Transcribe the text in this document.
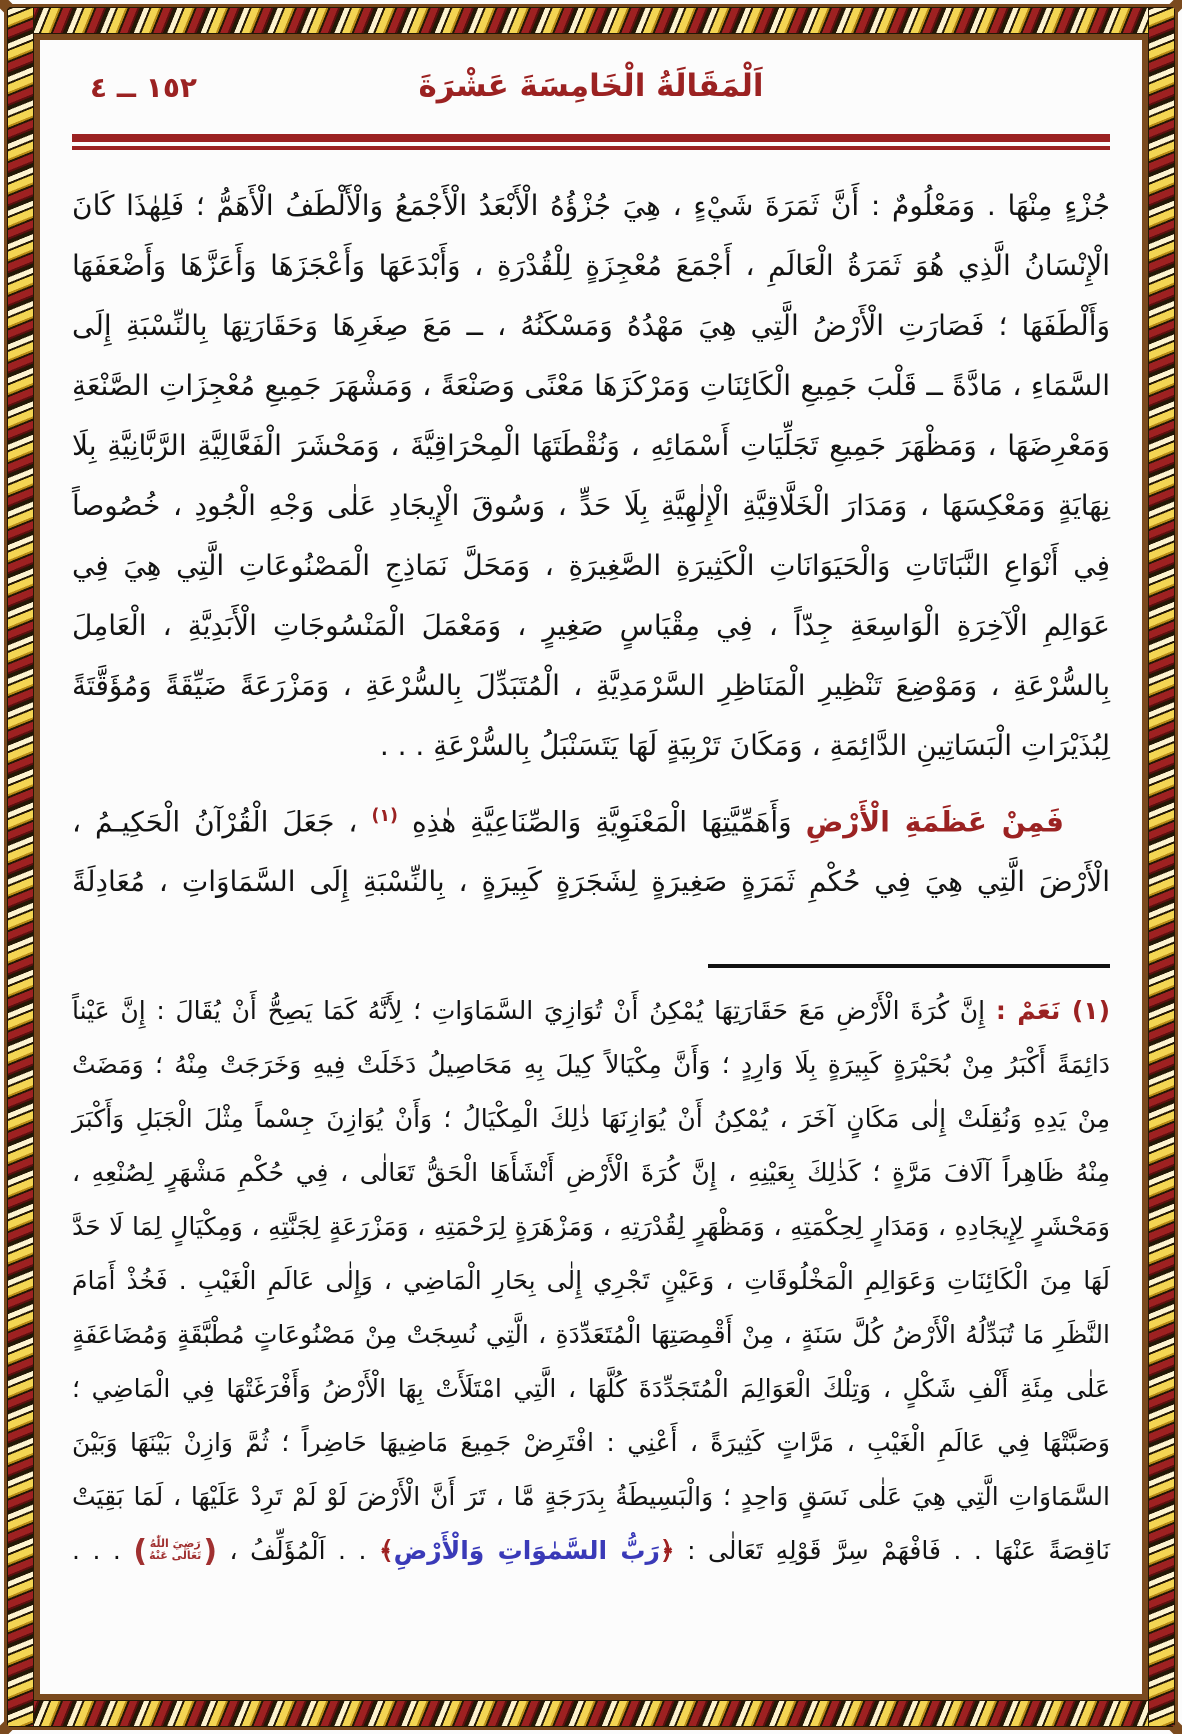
اَلْمَقَالَةُ الْخَامِسَةَ عَشْرَةَ
١٥٢ ــ ٤
جُزْءٍ مِنْهَا . وَمَعْلُومٌ : أَنَّ ثَمَرَةَ شَيْءٍ ، هِيَ جُزْؤُهُ الْأَبْعَدُ الْأَجْمَعُ وَالْأَلْطَفُ الْأَهَمُّ ؛ فَلِهٰذَا كَانَ
الْإِنْسَانُ الَّذِي هُوَ ثَمَرَةُ الْعَالَمِ ، أَجْمَعَ مُعْجِزَةٍ لِلْقُدْرَةِ ، وَأَبْدَعَهَا وَأَعْجَزَهَا وَأَعَزَّهَا وَأَضْعَفَهَا
وَأَلْطَفَهَا ؛ فَصَارَتِ الْأَرْضُ الَّتِي هِيَ مَهْدُهُ وَمَسْكَنُهُ ، ــ مَعَ صِغَرِهَا وَحَقَارَتِهَا بِالنِّسْبَةِ إِلَى
السَّمَاءِ ، مَادَّةً ــ قَلْبَ جَمِيعِ الْكَائِنَاتِ وَمَرْكَزَهَا مَعْنًى وَصَنْعَةً ، وَمَشْهَرَ جَمِيعِ مُعْجِزَاتِ الصَّنْعَةِ
وَمَعْرِضَهَا ، وَمَظْهَرَ جَمِيعِ تَجَلِّيَاتِ أَسْمَائِهِ ، وَنُقْطَتَهَا الْمِحْرَاقِيَّةَ ، وَمَحْشَرَ الْفَعَّالِيَّةِ الرَّبَّانِيَّةِ بِلَا
نِهَايَةٍ وَمَعْكِسَهَا ، وَمَدَارَ الْخَلَّاقِيَّةِ الْإِلٰهِيَّةِ بِلَا حَدٍّ ، وَسُوقَ الْإِيجَادِ عَلٰى وَجْهِ الْجُودِ ، خُصُوصاً
فِي أَنْوَاعِ النَّبَاتَاتِ وَالْحَيَوَانَاتِ الْكَثِيرَةِ الصَّغِيرَةِ ، وَمَحَلَّ نَمَاذِجِ الْمَصْنُوعَاتِ الَّتِي هِيَ فِي
عَوَالِمِ الْآخِرَةِ الْوَاسِعَةِ جِدّاً ، فِي مِقْيَاسٍ صَغِيرٍ ، وَمَعْمَلَ الْمَنْسُوجَاتِ الْأَبَدِيَّةِ ، الْعَامِلَ
بِالسُّرْعَةِ ، وَمَوْضِعَ تَنْظِيرِ الْمَنَاظِرِ السَّرْمَدِيَّةِ ، الْمُتَبَدِّلَ بِالسُّرْعَةِ ، وَمَزْرَعَةً ضَيِّقَةً وَمُؤَقَّتَةً
لِبُذَيْرَاتِ الْبَسَاتِينِ الدَّائِمَةِ ، وَمَكَانَ تَرْبِيَةٍ لَهَا يَتَسَنْبَلُ بِالسُّرْعَةِ . . .
فَمِنْ عَظَمَةِ الْأَرْضِ وَأَهَمِّيَّتِهَا الْمَعْنَوِيَّةِ وَالصِّنَاعِيَّةِ هٰذِهِ $^{(١)}$ ، جَعَلَ الْقُرْآنُ الْحَكِيـمُ ،
الْأَرْضَ الَّتِي هِيَ فِي حُكْمِ ثَمَرَةٍ صَغِيرَةٍ لِشَجَرَةٍ كَبِيرَةٍ ، بِالنِّسْبَةِ إِلَى السَّمَاوَاتِ ، مُعَادِلَةً
(١) نَعَمْ : إِنَّ كُرَةَ الْأَرْضِ مَعَ حَقَارَتِهَا يُمْكِنُ أَنْ تُوَازِيَ السَّمَاوَاتِ ؛ لِأَنَّهُ كَمَا يَصِحُّ أَنْ يُقَالَ : إِنَّ عَيْناً
دَائِمَةً أَكْبَرُ مِنْ بُحَيْرَةٍ كَبِيرَةٍ بِلَا وَارِدٍ ؛ وَأَنَّ مِكْيَالاً كِيلَ بِهِ مَحَاصِيلُ دَخَلَتْ فِيهِ وَخَرَجَتْ مِنْهُ ؛ وَمَضَتْ
مِنْ يَدِهِ وَنُقِلَتْ إِلٰى مَكَانٍ آخَرَ ، يُمْكِنُ أَنْ يُوَازِنَهَا ذٰلِكَ الْمِكْيَالُ ؛ وَأَنْ يُوَازِنَ جِسْماً مِثْلَ الْجَبَلِ وَأَكْبَرَ
مِنْهُ ظَاهِراً آلَافَ مَرَّةٍ ؛ كَذٰلِكَ بِعَيْنِهِ ، إِنَّ كُرَةَ الْأَرْضِ أَنْشَأَهَا الْحَقُّ تَعَالٰى ، فِي حُكْمِ مَشْهَرٍ لِصُنْعِهِ ،
وَمَحْشَرٍ لِإِيجَادِهِ ، وَمَدَارٍ لِحِكْمَتِهِ ، وَمَظْهَرٍ لِقُدْرَتِهِ ، وَمَزْهَرَةٍ لِرَحْمَتِهِ ، وَمَزْرَعَةٍ لِجَنَّتِهِ ، وَمِكْيَالٍ لِمَا لَا حَدَّ
لَهَا مِنَ الْكَائِنَاتِ وَعَوَالِمِ الْمَخْلُوقَاتِ ، وَعَيْنٍ تَجْرِي إِلٰى بِحَارِ الْمَاضِي ، وَإِلٰى عَالَمِ الْغَيْبِ . فَخُذْ أَمَامَ
النَّظَرِ مَا تُبَدِّلُهُ الْأَرْضُ كُلَّ سَنَةٍ ، مِنْ أَقْمِصَتِهَا الْمُتَعَدِّدَةِ ، الَّتِي نُسِجَتْ مِنْ مَصْنُوعَاتٍ مُطْبَّقَةٍ وَمُضَاعَفَةٍ
عَلٰى مِئَةِ أَلْفِ شَكْلٍ ، وَتِلْكَ الْعَوَالِمَ الْمُتَجَدِّدَةَ كُلَّهَا ، الَّتِي امْتَلَأَتْ بِهَا الْأَرْضُ وَأَفْرَغَتْهَا فِي الْمَاضِي ؛
وَصَبَّتْهَا فِي عَالَمِ الْغَيْبِ ، مَرَّاتٍ كَثِيرَةً ، أَعْنِي : افْتَرِضْ جَمِيعَ مَاضِيهَا حَاضِراً ؛ ثُمَّ وَازِنْ بَيْنَهَا وَبَيْنَ
السَّمَاوَاتِ الَّتِي هِيَ عَلٰى نَسَقٍ وَاحِدٍ ؛ وَالْبَسِيطَةُ بِدَرَجَةٍ مَّا ، تَرَ أَنَّ الْأَرْضَ لَوْ لَمْ تَرِدْ عَلَيْهَا ، لَمَا بَقِيَتْ
نَاقِصَةً عَنْهَا . . فَافْهَمْ سِرَّ قَوْلِهِ تَعَالٰى : ﴿رَبُّ السَّمٰوَاتِ وَالْأَرْضِ﴾ . . اَلْمُؤَلِّفُ ،
(
رَضِيَ اللّٰهُ
تَعَالٰى عَنْهُ
)
. . .
